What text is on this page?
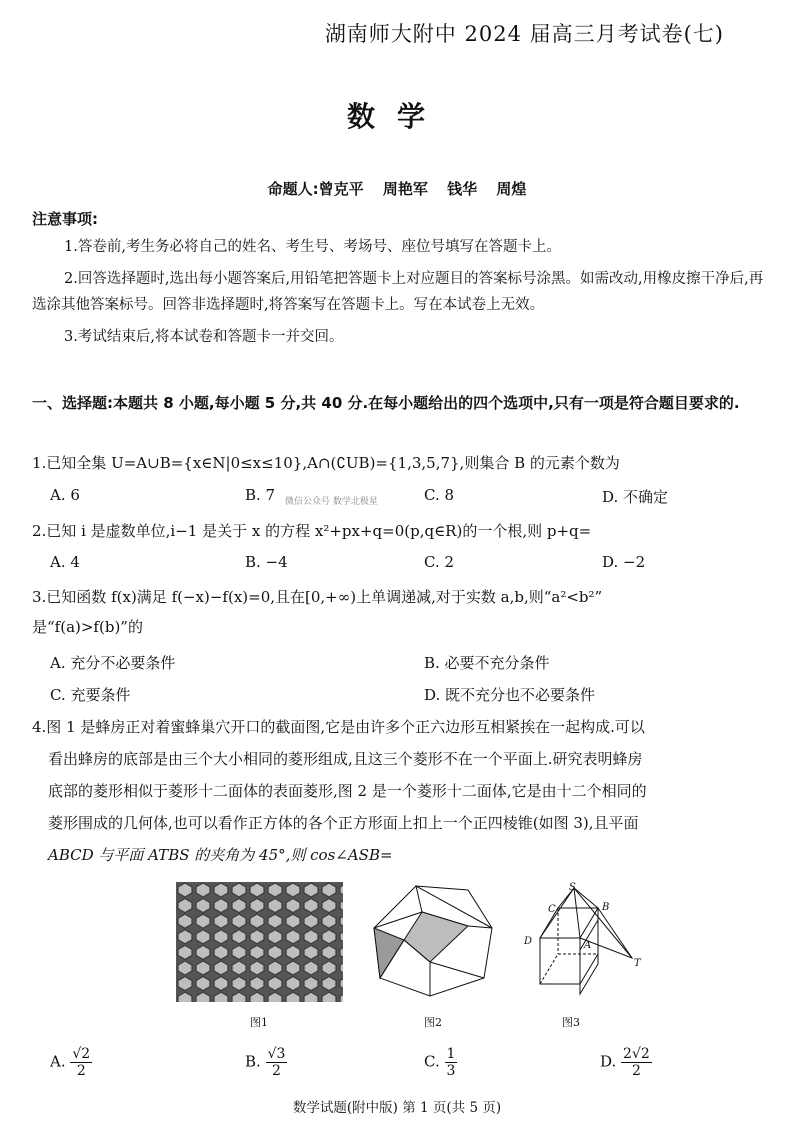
湖南师大附中 2024 届高三月考试卷(七)
数学
命题人:曾克平 周艳军 钱华 周煌
注意事项:
1.答卷前,考生务必将自己的姓名、考生号、考场号、座位号填写在答题卡上。
2.回答选择题时,选出每小题答案后,用铅笔把答题卡上对应题目的答案标号涂黑。如需改动,用橡皮擦干净后,再选涂其他答案标号。回答非选择题时,将答案写在答题卡上。写在本试卷上无效。
3.考试结束后,将本试卷和答题卡一并交回。
一、选择题:本题共 8 小题,每小题 5 分,共 40 分.在每小题给出的四个选项中,只有一项是符合题目要求的.
1.已知全集 U=A∪B={x∈N|0≤x≤10},A∩(∁UB)={1,3,5,7},则集合 B 的元素个数为
A. 6	B. 7	C. 8	D. 不确定
微信公众号 数学北极星
2.已知 i 是虚数单位,i−1 是关于 x 的方程 x²+px+q=0(p,q∈R)的一个根,则 p+q=
A. 4	B. −4	C. 2	D. −2
3.已知函数 f(x)满足 f(−x)−f(x)=0,且在[0,+∞)上单调递减,对于实数 a,b,则“a²<b²”
是“f(a)>f(b)”的
A. 充分不必要条件	B. 必要不充分条件
C. 充要条件	D. 既不充分也不必要条件
4.图 1 是蜂房正对着蜜蜂巢穴开口的截面图,它是由许多个正六边形互相紧挨在一起构成.可以
看出蜂房的底部是由三个大小相同的菱形组成,且这三个菱形不在一个平面上.研究表明蜂房
底部的菱形相似于菱形十二面体的表面菱形,图 2 是一个菱形十二面体,它是由十二个相同的
菱形围成的几何体,也可以看作正方体的各个正方形面上扣上一个正四棱锥(如图 3),且平面
ABCD 与平面 ATBS 的夹角为 45°,则 cos∠ASB=
S
C	B
D	A
T
图1	图2	图3
A. $\frac{√2}{2}$	B. $\frac{√3}{2}$	C. $\frac{1}{3}$	D. $\frac{2√2}{2}$
数学试题(附中版) 第 1 页(共 5 页)
